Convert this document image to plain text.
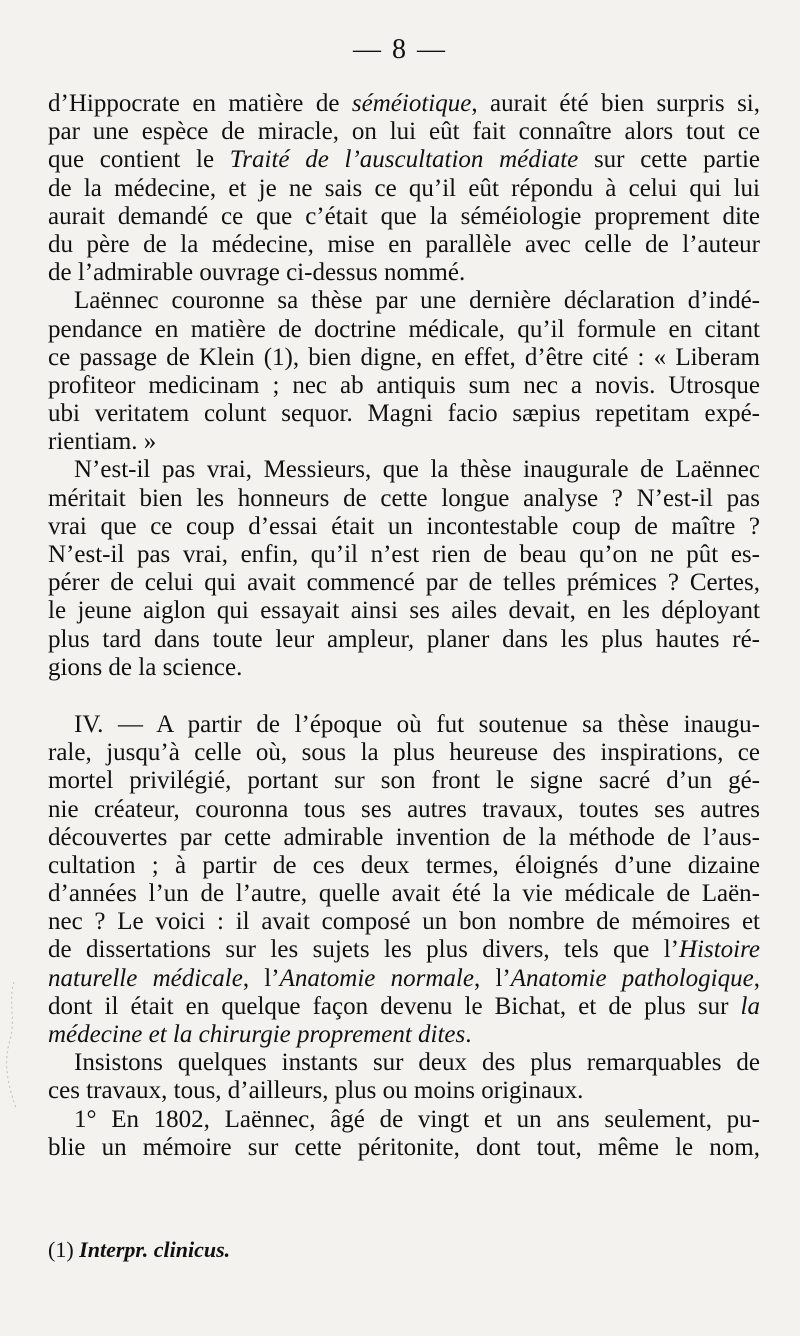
— 8 —
d’Hippocrate en matière de séméiotique, aurait été bien surpris si,
par une espèce de miracle, on lui eût fait connaître alors tout ce
que contient le Traité de l’auscultation médiate sur cette partie
de la médecine, et je ne sais ce qu’il eût répondu à celui qui lui
aurait demandé ce que c’était que la séméiologie proprement dite
du père de la médecine, mise en parallèle avec celle de l’auteur
de l’admirable ouvrage ci-dessus nommé.
Laënnec couronne sa thèse par une dernière déclaration d’indé-
pendance en matière de doctrine médicale, qu’il formule en citant
ce passage de Klein (1), bien digne, en effet, d’être cité : « Liberam
profiteor medicinam ; nec ab antiquis sum nec a novis. Utrosque
ubi veritatem colunt sequor. Magni facio sæpius repetitam expé-
rientiam. »
N’est-il pas vrai, Messieurs, que la thèse inaugurale de Laënnec
méritait bien les honneurs de cette longue analyse ? N’est-il pas
vrai que ce coup d’essai était un incontestable coup de maître ?
N’est-il pas vrai, enfin, qu’il n’est rien de beau qu’on ne pût es-
pérer de celui qui avait commencé par de telles prémices ? Certes,
le jeune aiglon qui essayait ainsi ses ailes devait, en les déployant
plus tard dans toute leur ampleur, planer dans les plus hautes ré-
gions de la science.
IV. — A partir de l’époque où fut soutenue sa thèse inaugu-
rale, jusqu’à celle où, sous la plus heureuse des inspirations, ce
mortel privilégié, portant sur son front le signe sacré d’un gé-
nie créateur, couronna tous ses autres travaux, toutes ses autres
découvertes par cette admirable invention de la méthode de l’aus-
cultation ; à partir de ces deux termes, éloignés d’une dizaine
d’années l’un de l’autre, quelle avait été la vie médicale de Laën-
nec ? Le voici : il avait composé un bon nombre de mémoires et
de dissertations sur les sujets les plus divers, tels que l’Histoire
naturelle médicale, l’Anatomie normale, l’Anatomie pathologique,
dont il était en quelque façon devenu le Bichat, et de plus sur la
médecine et la chirurgie proprement dites.
Insistons quelques instants sur deux des plus remarquables de
ces travaux, tous, d’ailleurs, plus ou moins originaux.
1° En 1802, Laënnec, âgé de vingt et un ans seulement, pu-
blie un mémoire sur cette péritonite, dont tout, même le nom,
(1) Interpr. clinicus.
